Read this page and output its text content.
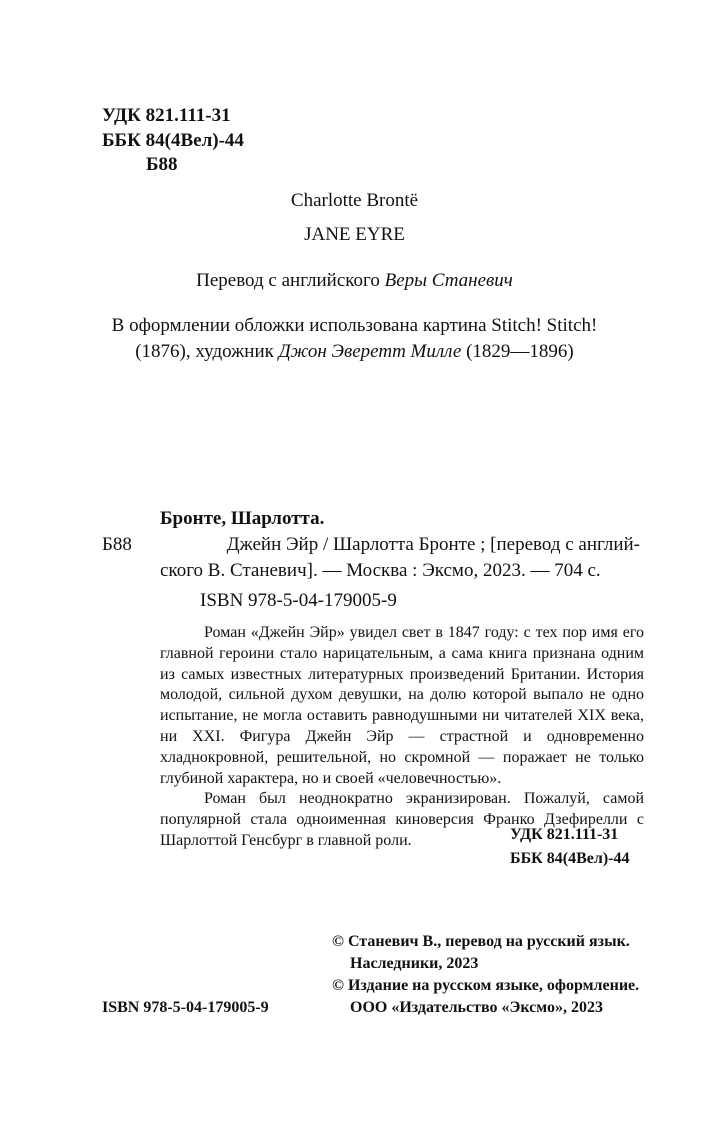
УДК 821.111-31
ББК 84(4Вел)-44
Б88
Charlotte Brontë
JANE EYRE
Перевод с английского Веры Станевич
В оформлении обложки использована картина Stitch! Stitch!
(1876), художник Джон Эверетт Милле (1829—1896)
Бронте, Шарлотта.
Б88	Джейн Эйр / Шарлотта Бронте ; [перевод с англий-
ского В. Станевич]. — Москва : Эксмо, 2023. — 704 с.
ISBN 978-5-04-179005-9

Роман «Джейн Эйр» увидел свет в 1847 году: с тех пор имя его главной героини стало нарицательным, а сама книга признана одним из самых известных литературных произведений Британии. История молодой, сильной духом девушки, на долю которой выпало не одно испытание, не могла оставить равнодушными ни читателей XIX века, ни XXI. Фигура Джейн Эйр — страстной и одновременно хладнокровной, решительной, но скромной — поражает не только глубиной характера, но и своей «человечностью».

Роман был неоднократно экранизирован. Пожалуй, самой популярной стала одноименная киноверсия Франко Дзефирелли с Шарлоттой Генсбург в главной роли.	УДК 821.111-31
ББК 84(4Вел)-44
© Станевич В., перевод на русский язык.
Наследники, 2023
© Издание на русском языке, оформление.
ООО «Издательство «Эксмо», 2023
ISBN 978-5-04-179005-9
